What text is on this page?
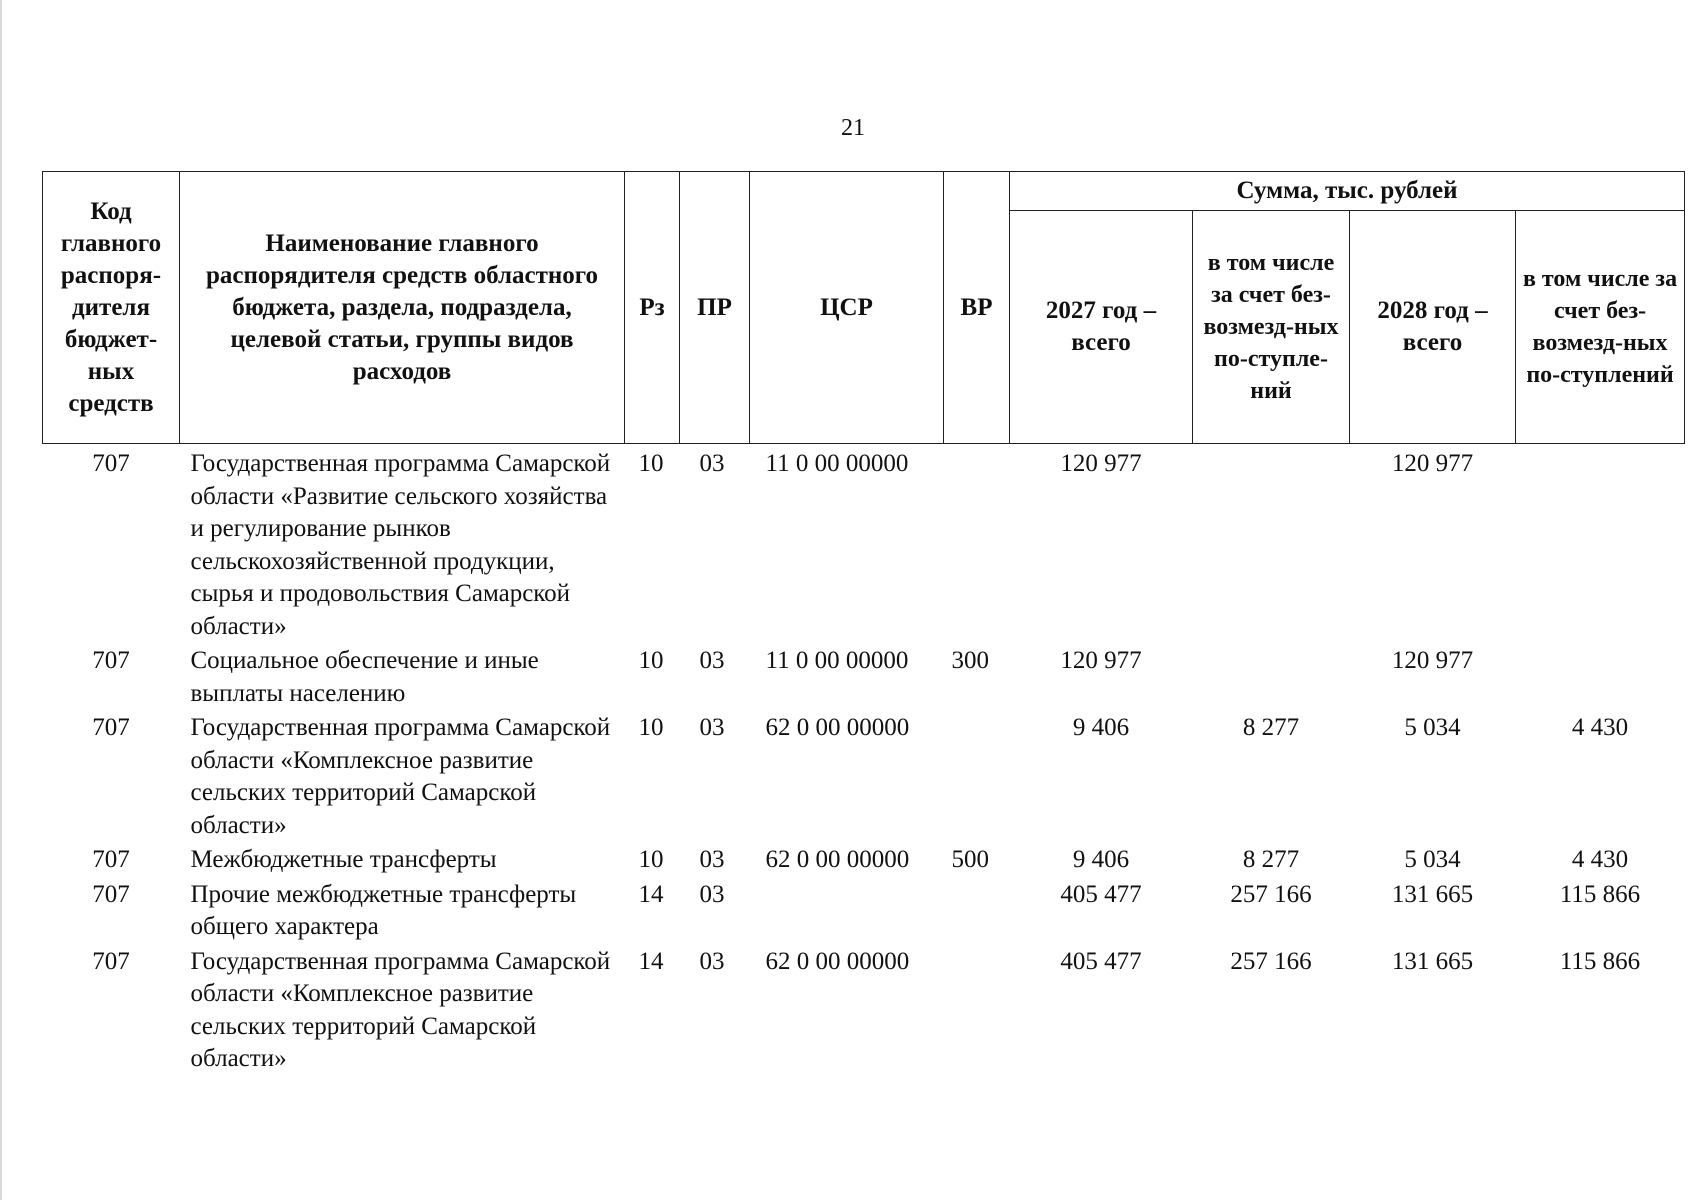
21
Код главного распоря-дителя бюджет-ных средств	Наименование главного распорядителя средств областного бюджета, раздела, подраздела, целевой статьи, группы видов расходов	Рз	ПР	ЦСР	ВР	Сумма, тыс. рублей			
						2027 год – всего	в том числе за счет без-возмезд-ных по-ступле-ний	2028 год – всего	в том числе за счет без-возмезд-ных по-ступлений
707	Государственная программа Самарской области «Развитие сельского хозяйства и регулирование рынков сельскохозяйственной продукции, сырья и продовольствия Самарской области»	10	03	11 0 00 00000		120 977		120 977	
707	Социальное обеспечение и иные выплаты населению	10	03	11 0 00 00000	300	120 977		120 977	
707	Государственная программа Самарской области «Комплексное развитие сельских территорий Самарской области»	10	03	62 0 00 00000		9 406	8 277	5 034	4 430
707	Межбюджетные трансферты	10	03	62 0 00 00000	500	9 406	8 277	5 034	4 430
707	Прочие межбюджетные трансферты общего характера	14	03			405 477	257 166	131 665	115 866
707	Государственная программа Самарской области «Комплексное развитие сельских территорий Самарской области»	14	03	62 0 00 00000		405 477	257 166	131 665	115 866
